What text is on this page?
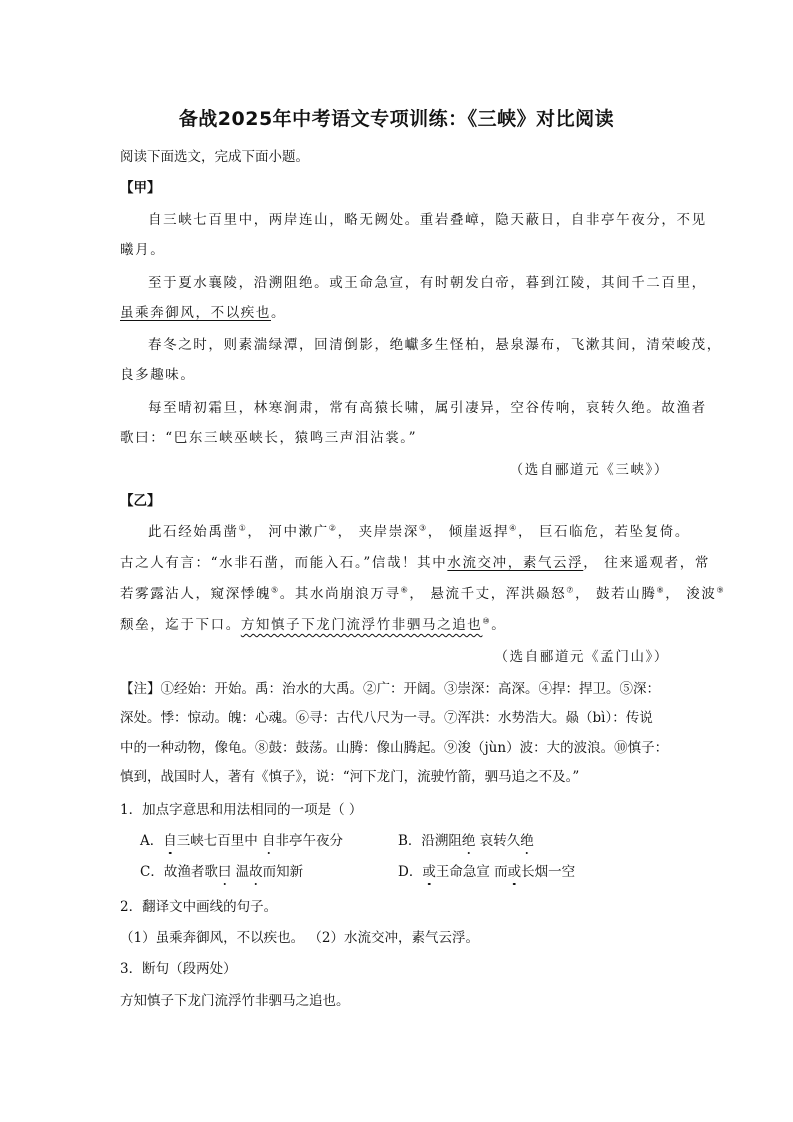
备战2025年中考语文专项训练：《三峡》对比阅读
阅读下面选文，完成下面小题。
【甲】
自三峡七百里中，两岸连山，略无阙处。重岩叠嶂，隐天蔽日，自非亭午夜分，不见
曦月。
至于夏水襄陵，沿溯阻绝。或王命急宣，有时朝发白帝，暮到江陵，其间千二百里，
虽乘奔御风，不以疾也。
春冬之时，则素湍绿潭，回清倒影，绝巘多生怪柏，悬泉瀑布，飞漱其间，清荣峻茂，
良多趣味。
每至晴初霜旦，林寒涧肃，常有高猿长啸，属引凄异，空谷传响，哀转久绝。故渔者
歌曰：“巴东三峡巫峡长，猿鸣三声泪沾裳。”
（选自郦道元《三峡》）
【乙】
此石经始禹凿①， 河中漱广②， 夹岸崇深③， 倾崖返捍④， 巨石临危，若坠复倚。
古之人有言：“水非石凿，而能入石。”信哉！其中水流交冲，素气云浮， 往来遥观者，常
若雾露沾人，窥深悸魄⑤。其水尚崩浪万寻⑥， 悬流千丈，浑洪赑怒⑦， 鼓若山腾⑧， 浚波⑨
颓垒，迄于下口。方知慎子下龙门流浮竹非驷马之追也⑩。
（选自郦道元《孟门山》）
【注】①经始：开始。禹：治水的大禹。②广：开阔。③崇深：高深。④捍：捍卫。⑤深：
深处。悸：惊动。魄：心魂。⑥寻：古代八尺为一寻。⑦浑洪：水势浩大。赑（bì）：传说
中的一种动物，像龟。⑧鼓：鼓荡。山腾：像山腾起。⑨浚（jùn）波：大的波浪。⑩慎子：
慎到，战国时人，著有《慎子》，说：“河下龙门，流驶竹箭，驷马追之不及。”
1．加点字意思和用法相同的一项是（ ）
A．自三峡七百里中 自非亭午夜分	B．沿溯阻绝 哀转久绝
C．故渔者歌曰 温故而知新	D．或王命急宣 而或长烟一空
2．翻译文中画线的句子。
（1）虽乘奔御风，不以疾也。 （2）水流交冲，素气云浮。
3．断句（段两处）
方知慎子下龙门流浮竹非驷马之追也。
